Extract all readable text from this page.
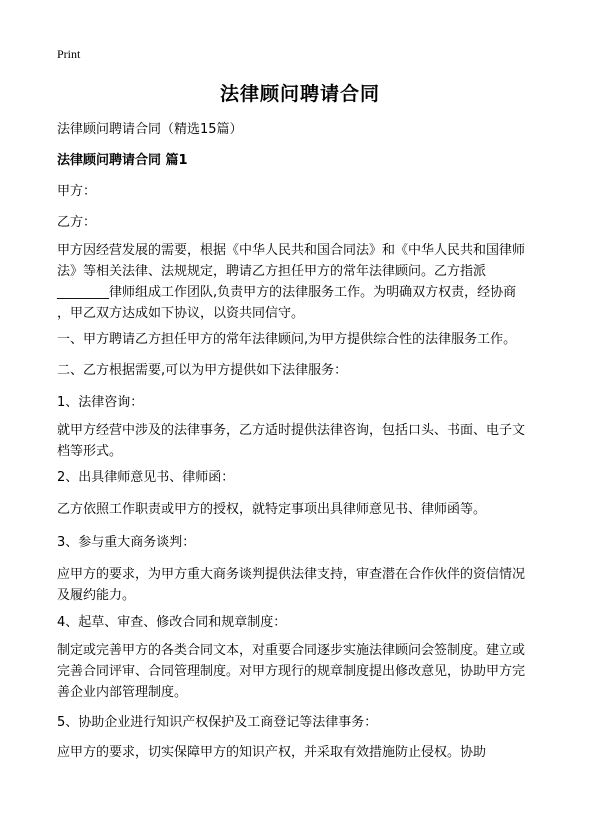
Print
法律顾问聘请合同

法律顾问聘请合同（精选15篇）

法律顾问聘请合同 篇1

甲方：

乙方：

甲方因经营发展的需要，根据《中华人民共和国合同法》和《中华人民共和国律师
法》等相关法律、法规规定，聘请乙方担任甲方的常年法律顾问。乙方指派
________律师组成工作团队,负责甲方的法律服务工作。为明确双方权责，经协商
，甲乙双方达成如下协议，以资共同信守。

一、甲方聘请乙方担任甲方的常年法律顾问,为甲方提供综合性的法律服务工作。

二、乙方根据需要,可以为甲方提供如下法律服务：

1、法律咨询：

就甲方经营中涉及的法律事务，乙方适时提供法律咨询，包括口头、书面、电子文
档等形式。

2、出具律师意见书、律师函：

乙方依照工作职责或甲方的授权，就特定事项出具律师意见书、律师函等。

3、参与重大商务谈判：

应甲方的要求，为甲方重大商务谈判提供法律支持，审查潜在合作伙伴的资信情况
及履约能力。

4、起草、审查、修改合同和规章制度：

制定或完善甲方的各类合同文本，对重要合同逐步实施法律顾问会签制度。建立或
完善合同评审、合同管理制度。对甲方现行的规章制度提出修改意见，协助甲方完
善企业内部管理制度。

5、协助企业进行知识产权保护及工商登记等法律事务：

应甲方的要求，切实保障甲方的知识产权，并采取有效措施防止侵权。协助
